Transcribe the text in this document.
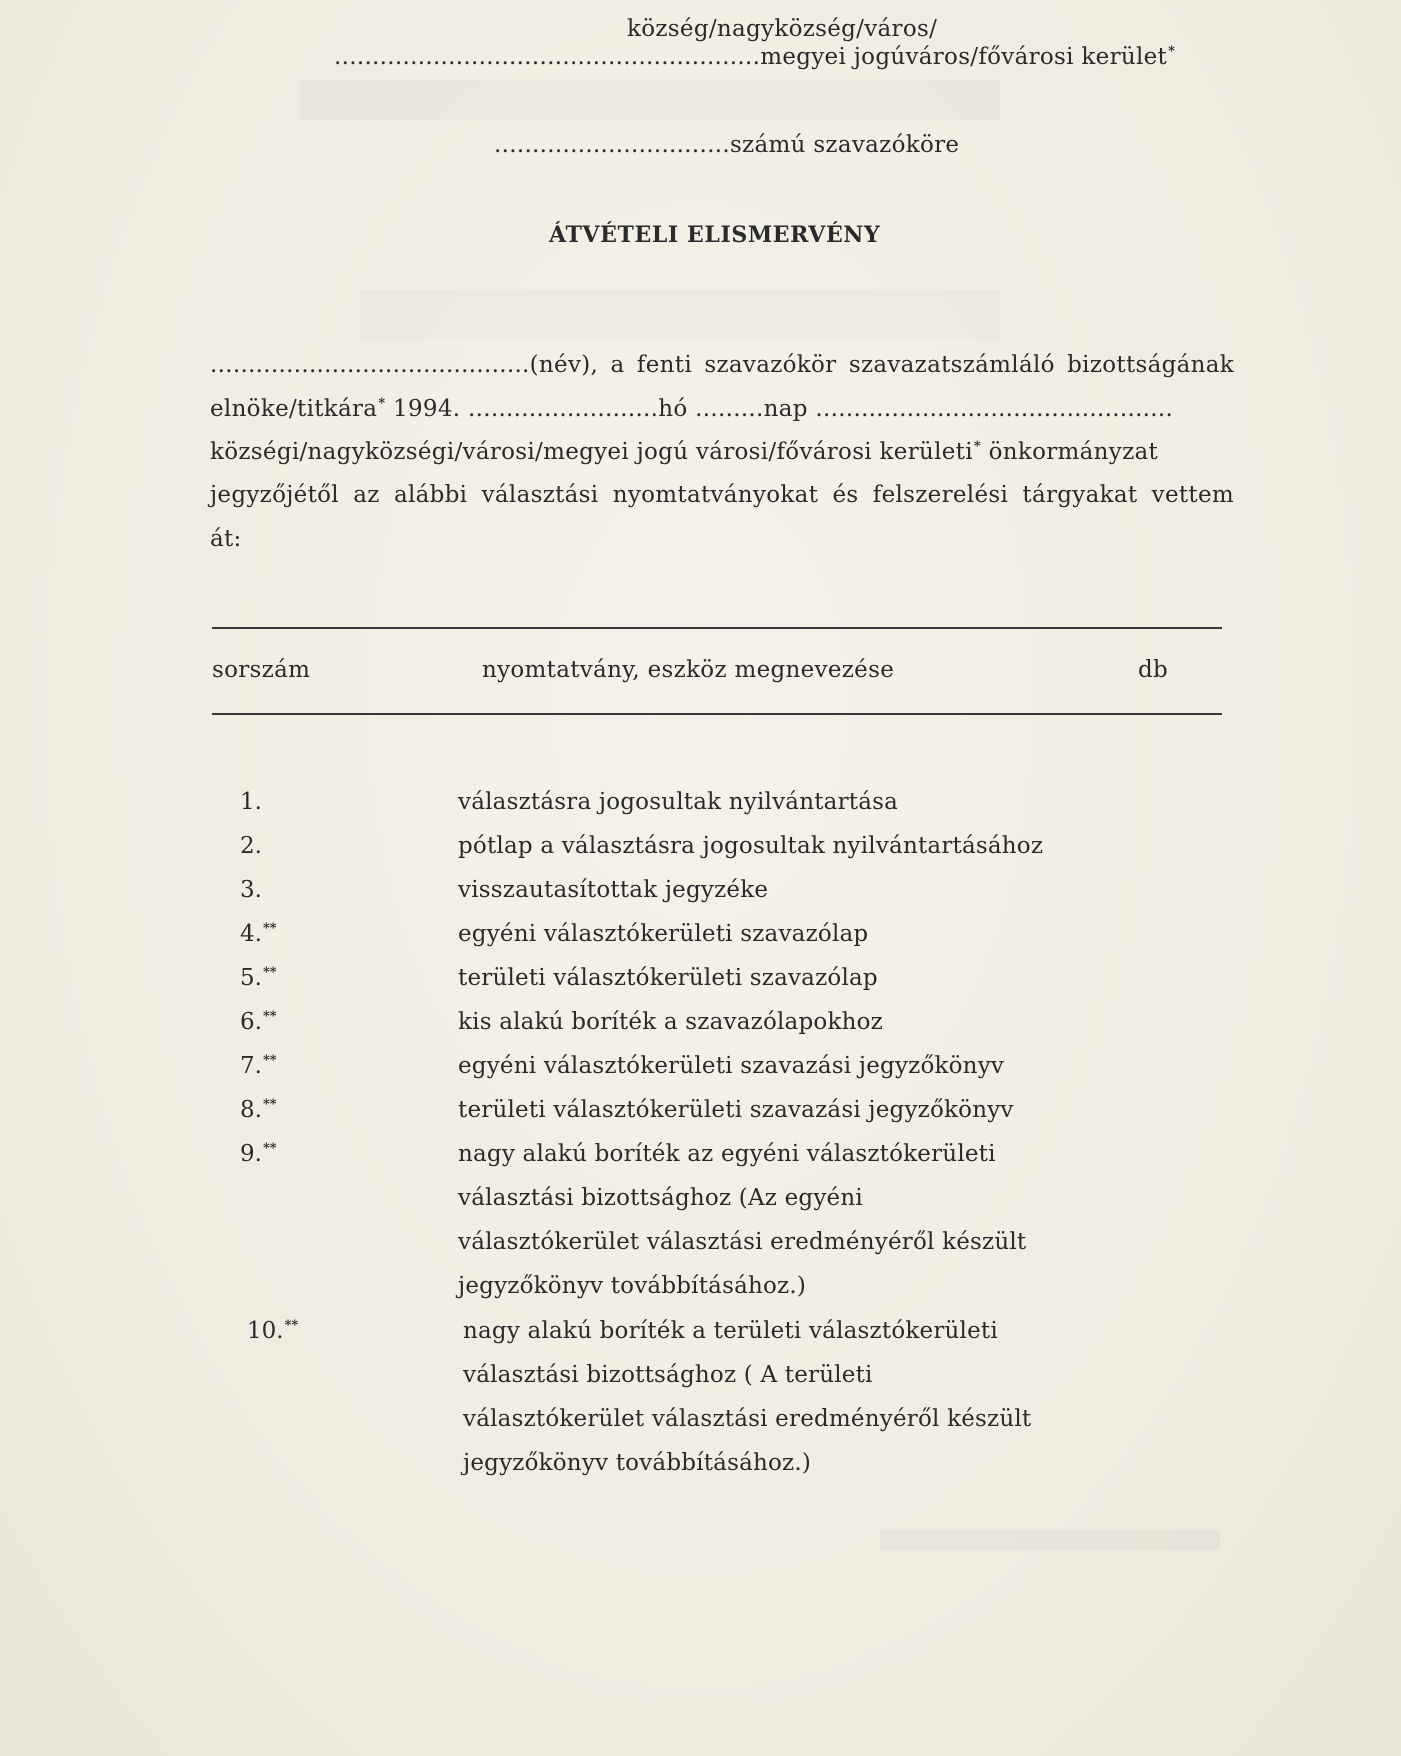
község/nagyközség/város/
........................................................megyei jogúváros/fővárosi kerület*
...............................számú szavazóköre
ÁTVÉTELI ELISMERVÉNY
..........................................(név), a fenti szavazókör szavazatszámláló bizottságának
elnöke/titkára* 1994. .........................hó .........nap ...............................................
községi/nagyközségi/városi/megyei jogú városi/fővárosi kerületi* önkormányzat
jegyzőjétől az alábbi választási nyomtatványokat és felszerelési tárgyakat vettem
át:
sorszám	nyomtatvány, eszköz megnevezése	db
1.	választásra jogosultak nyilvántartása
2.	pótlap a választásra jogosultak nyilvántartásához
3.	visszautasítottak jegyzéke
4.**	egyéni választókerületi szavazólap
5.**	területi választókerületi szavazólap
6.**	kis alakú boríték a szavazólapokhoz
7.**	egyéni választókerületi szavazási jegyzőkönyv
8.**	területi választókerületi szavazási jegyzőkönyv
9.**	nagy alakú boríték az egyéni választókerületi
választási bizottsághoz (Az egyéni
választókerület választási eredményéről készült
jegyzőkönyv továbbításához.)
10.**	nagy alakú boríték a területi választókerületi
választási bizottsághoz ( A területi
választókerület választási eredményéről készült
jegyzőkönyv továbbításához.)
